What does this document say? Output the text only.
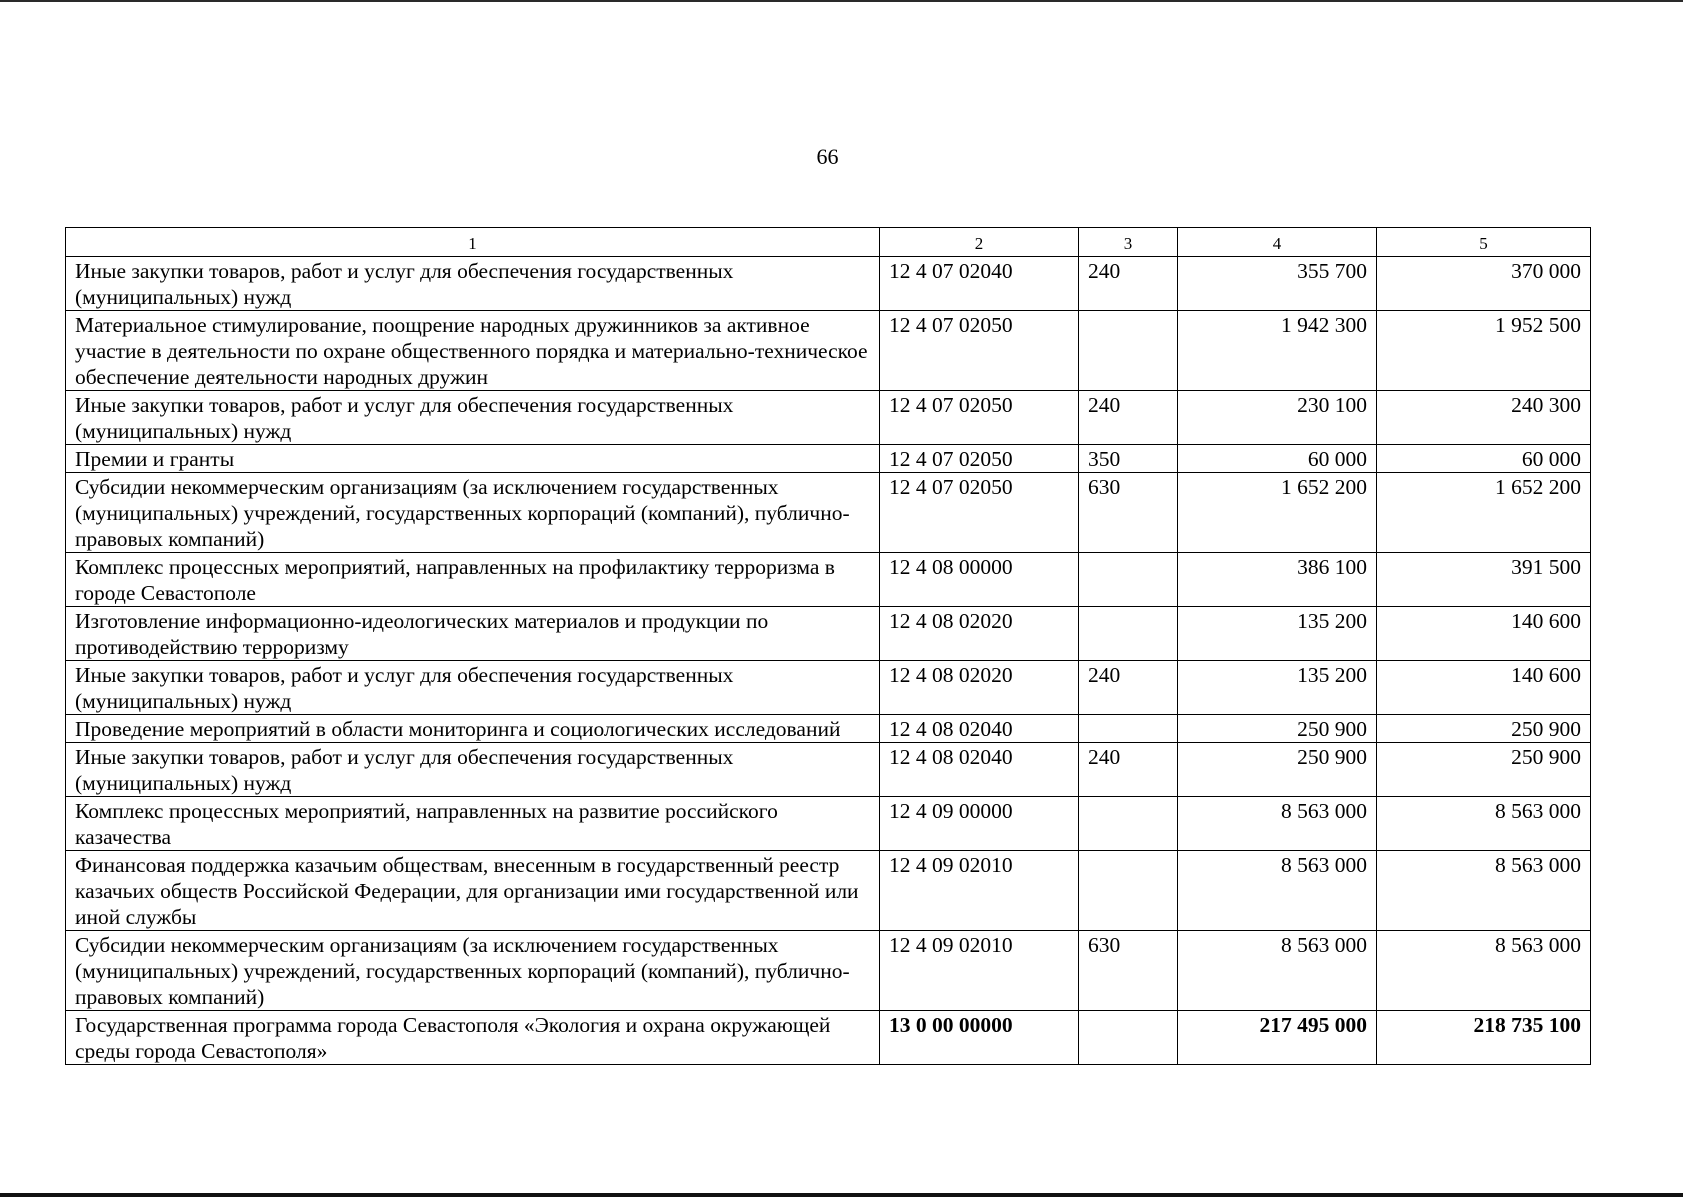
66
1	2	3	4	5
Иные закупки товаров, работ и услуг для обеспечения государственных (муниципальных) нужд	12 4 07 02040	240	355 700	370 000
Материальное стимулирование, поощрение народных дружинников за активное участие в деятельности по охране общественного порядка и материально-техническое обеспечение деятельности народных дружин	12 4 07 02050		1 942 300	1 952 500
Иные закупки товаров, работ и услуг для обеспечения государственных (муниципальных) нужд	12 4 07 02050	240	230 100	240 300
Премии и гранты	12 4 07 02050	350	60 000	60 000
Субсидии некоммерческим организациям (за исключением государственных (муниципальных) учреждений, государственных корпораций (компаний), публично-правовых компаний)	12 4 07 02050	630	1 652 200	1 652 200
Комплекс процессных мероприятий, направленных на профилактику терроризма в городе Севастополе	12 4 08 00000		386 100	391 500
Изготовление информационно-идеологических материалов и продукции по противодействию терроризму	12 4 08 02020		135 200	140 600
Иные закупки товаров, работ и услуг для обеспечения государственных (муниципальных) нужд	12 4 08 02020	240	135 200	140 600
Проведение мероприятий в области мониторинга и социологических исследований	12 4 08 02040		250 900	250 900
Иные закупки товаров, работ и услуг для обеспечения государственных (муниципальных) нужд	12 4 08 02040	240	250 900	250 900
Комплекс процессных мероприятий, направленных на развитие российского казачества	12 4 09 00000		8 563 000	8 563 000
Финансовая поддержка казачьим обществам, внесенным в государственный реестр казачьих обществ Российской Федерации, для организации ими государственной или иной службы	12 4 09 02010		8 563 000	8 563 000
Субсидии некоммерческим организациям (за исключением государственных (муниципальных) учреждений, государственных корпораций (компаний), публично-правовых компаний)	12 4 09 02010	630	8 563 000	8 563 000
Государственная программа города Севастополя «Экология и охрана окружающей среды города Севастополя»	13 0 00 00000		217 495 000	218 735 100
